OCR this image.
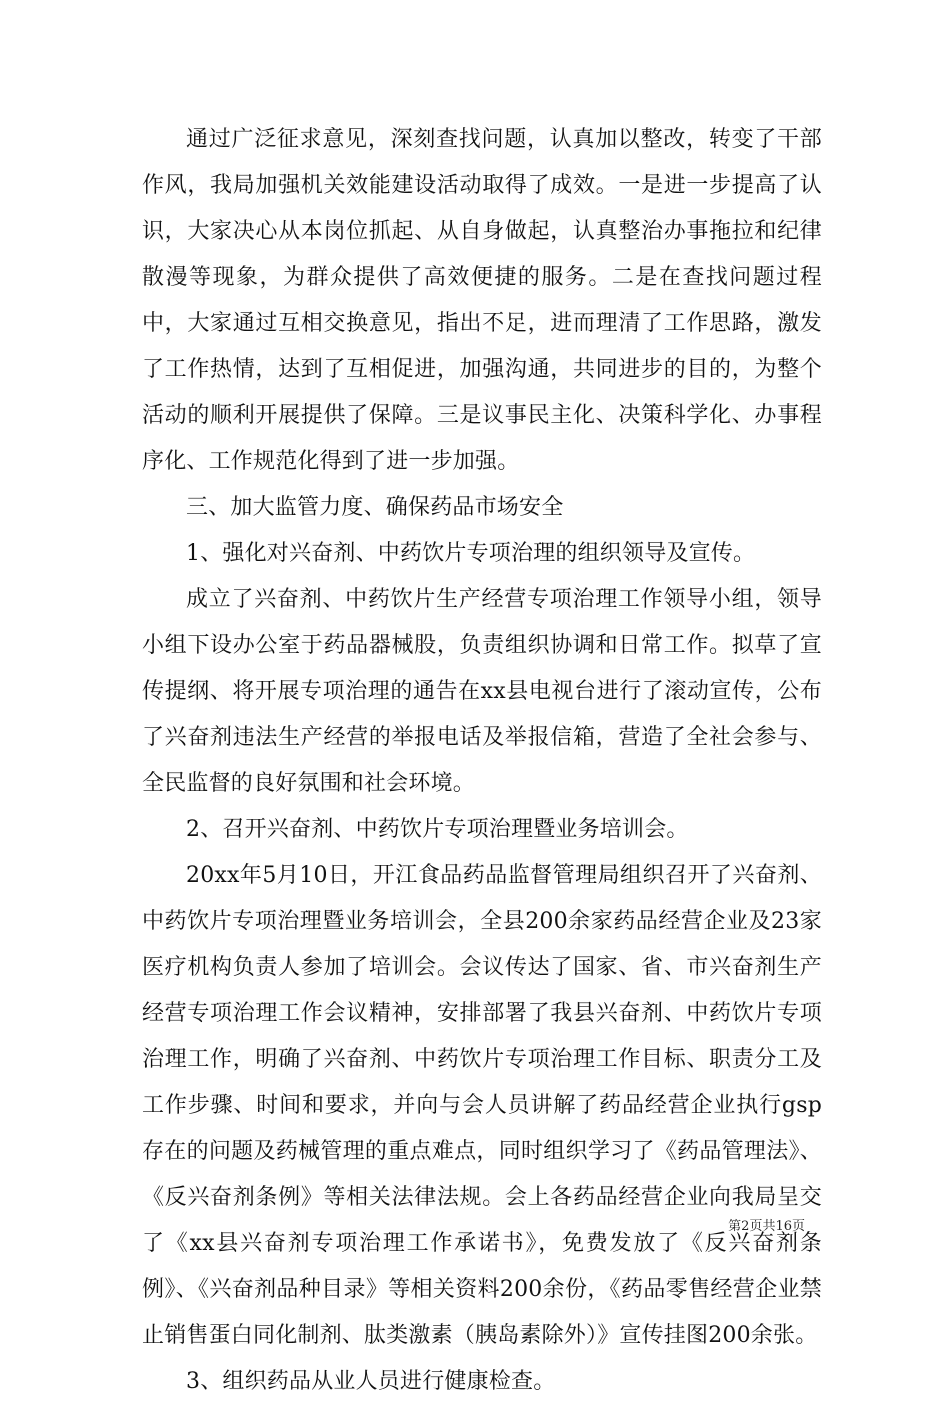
通过广泛征求意见，深刻查找问题，认真加以整改，转变了干部作风，我局加强机关效能建设活动取得了成效。一是进一步提高了认识，大家决心从本岗位抓起、从自身做起，认真整治办事拖拉和纪律散漫等现象，为群众提供了高效便捷的服务。二是在查找问题过程中，大家通过互相交换意见，指出不足，进而理清了工作思路，激发了工作热情，达到了互相促进，加强沟通，共同进步的目的，为整个活动的顺利开展提供了保障。三是议事民主化、决策科学化、办事程序化、工作规范化得到了进一步加强。

三、加大监管力度、确保药品市场安全

1、强化对兴奋剂、中药饮片专项治理的组织领导及宣传。

成立了兴奋剂、中药饮片生产经营专项治理工作领导小组，领导小组下设办公室于药品器械股，负责组织协调和日常工作。拟草了宣传提纲、将开展专项治理的通告在xx县电视台进行了滚动宣传，公布了兴奋剂违法生产经营的举报电话及举报信箱，营造了全社会参与、全民监督的良好氛围和社会环境。

2、召开兴奋剂、中药饮片专项治理暨业务培训会。

20xx年5月10日，开江食品药品监督管理局组织召开了兴奋剂、中药饮片专项治理暨业务培训会，全县200余家药品经营企业及23家医疗机构负责人参加了培训会。会议传达了国家、省、市兴奋剂生产经营专项治理工作会议精神，安排部署了我县兴奋剂、中药饮片专项治理工作，明确了兴奋剂、中药饮片专项治理工作目标、职责分工及工作步骤、时间和要求，并向与会人员讲解了药品经营企业执行gsp存在的问题及药械管理的重点难点，同时组织学习了《药品管理法》、《反兴奋剂条例》等相关法律法规。会上各药品经营企业向我局呈交了《xx县兴奋剂专项治理工作承诺书》，免费发放了《反兴奋剂条例》、《兴奋剂品种目录》等相关资料200余份，《药品零售经营企业禁止销售蛋白同化制剂、肽类激素（胰岛素除外）》宣传挂图200余张。

3、组织药品从业人员进行健康检查。

第2页共16页
